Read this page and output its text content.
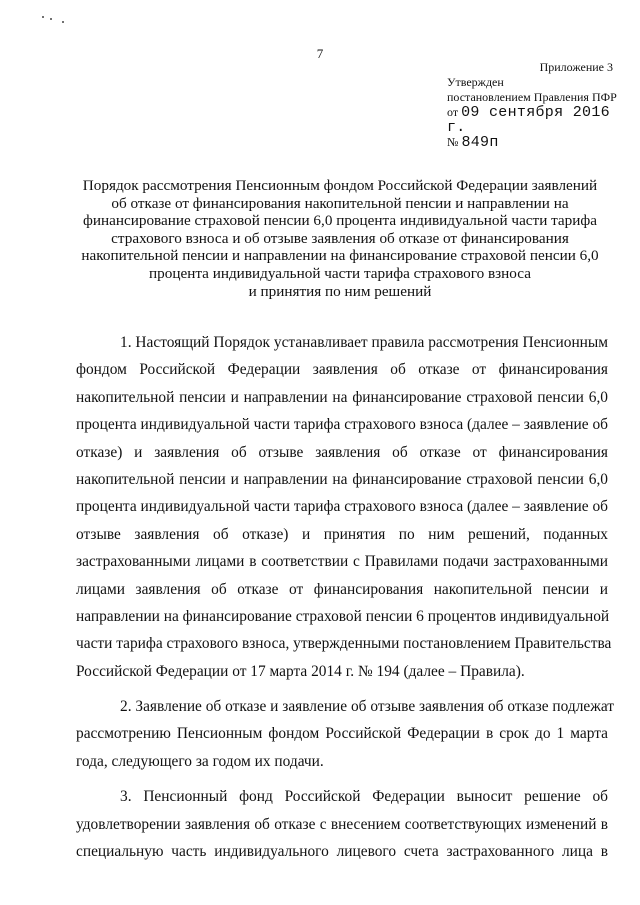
7
Приложение 3
Утвержден
постановлением Правления ПФР
от 09 сентября 2016 г.
№ 849п
Порядок рассмотрения Пенсионным фондом Российской Федерации заявлений
об отказе от финансирования накопительной пенсии и направлении на
финансирование страховой пенсии 6,0 процента индивидуальной части тарифа
страхового взноса и об отзыве заявления об отказе от финансирования
накопительной пенсии и направлении на финансирование страховой пенсии 6,0
процента индивидуальной части тарифа страхового взноса
и принятия по ним решений
1. Настоящий Порядок устанавливает правила рассмотрения Пенсионным
фондом Российской Федерации заявления об отказе от финансирования
накопительной пенсии и направлении на финансирование страховой пенсии 6,0
процента индивидуальной части тарифа страхового взноса (далее – заявление об
отказе) и заявления об отзыве заявления об отказе от финансирования
накопительной пенсии и направлении на финансирование страховой пенсии 6,0
процента индивидуальной части тарифа страхового взноса (далее – заявление об
отзыве заявления об отказе) и принятия по ним решений, поданных
застрахованными лицами в соответствии с Правилами подачи застрахованными
лицами заявления об отказе от финансирования накопительной пенсии и
направлении на финансирование страховой пенсии 6 процентов индивидуальной
части тарифа страхового взноса, утвержденными постановлением Правительства
Российской Федерации от 17 марта 2014 г. № 194 (далее – Правила).
2. Заявление об отказе и заявление об отзыве заявления об отказе подлежат
рассмотрению Пенсионным фондом Российской Федерации в срок до 1 марта
года, следующего за годом их подачи.
3. Пенсионный фонд Российской Федерации выносит решение об
удовлетворении заявления об отказе с внесением соответствующих изменений в
специальную часть индивидуального лицевого счета застрахованного лица в
